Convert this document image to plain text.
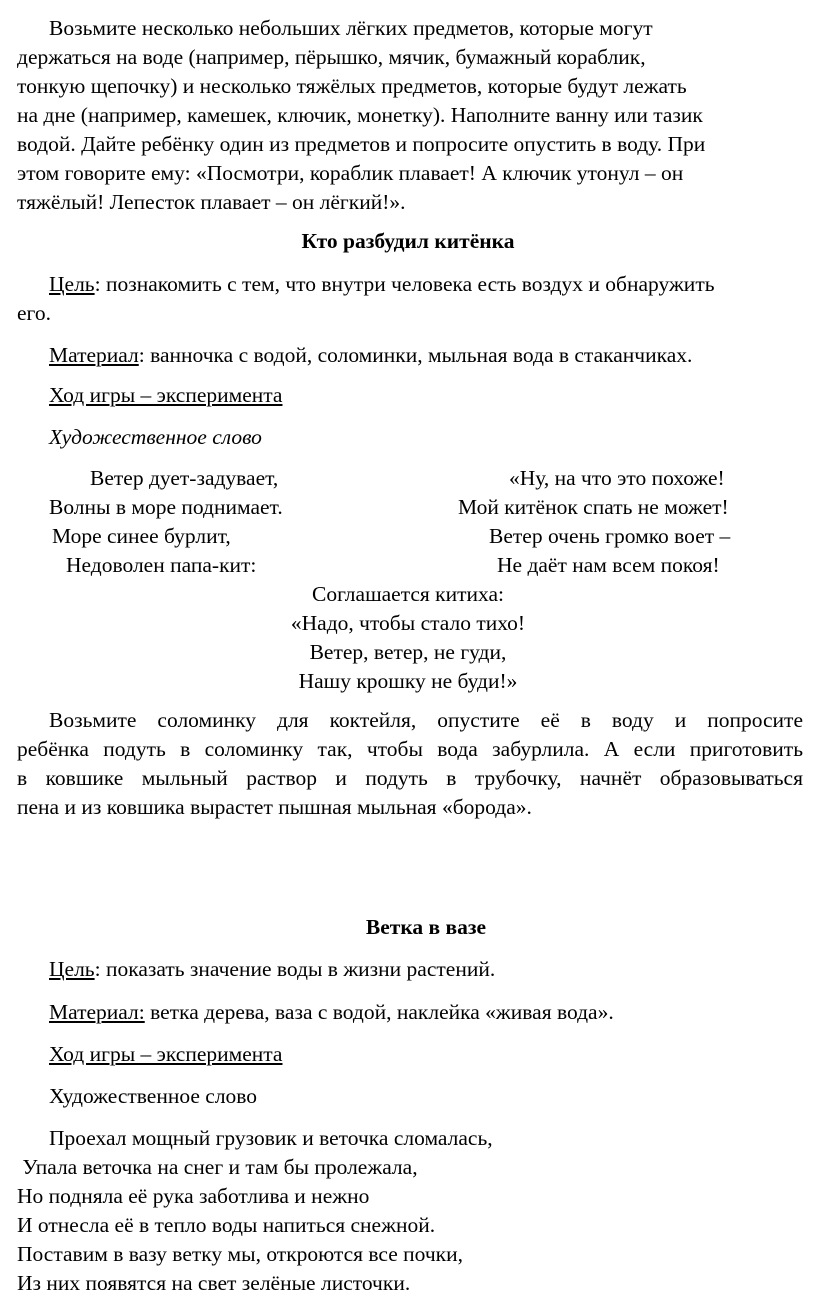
Возьмите несколько небольших лёгких предметов, которые могут
держаться на воде (например, пёрышко, мячик, бумажный кораблик,
тонкую щепочку) и несколько тяжёлых предметов, которые будут лежать
на дне (например, камешек, ключик, монетку). Наполните ванну или тазик
водой. Дайте ребёнку один из предметов и попросите опустить в воду. При
этом говорите ему: «Посмотри, кораблик плавает! А ключик утонул – он
тяжёлый! Лепесток плавает – он лёгкий!».
Кто разбудил китёнка
Цель: познакомить с тем, что внутри человека есть воздух и обнаружить
его.
Материал: ванночка с водой, соломинки, мыльная вода в стаканчиках.
Ход игры – эксперимента
Художественное слово
Ветер дует-задувает,
Волны в море поднимает.
Море синее бурлит,
Недоволен папа-кит:
«Ну, на что это похоже!
Мой китёнок спать не может!
Ветер очень громко воет –
Не даёт нам всем покоя!
Соглашается китиха:
«Надо, чтобы стало тихо!
Ветер, ветер, не гуди,
Нашу крошку не буди!»
Возьмите соломинку для коктейля, опустите её в воду и попросите
ребёнка подуть в соломинку так, чтобы вода забурлила. А если приготовить
в ковшике мыльный раствор и подуть в трубочку, начнёт образовываться
пена и из ковшика вырастет пышная мыльная «борода».
Ветка в вазе
Цель: показать значение воды в жизни растений.
Материал: ветка дерева, ваза с водой, наклейка «живая вода».
Ход игры – эксперимента
Художественное слово
Проехал мощный грузовик и веточка сломалась,
Упала веточка на снег и там бы пролежала,
Но подняла её рука заботлива и нежно
И отнесла её в тепло воды напиться снежной.
Поставим в вазу ветку мы, откроются все почки,
Из них появятся на свет зелёные листочки.
